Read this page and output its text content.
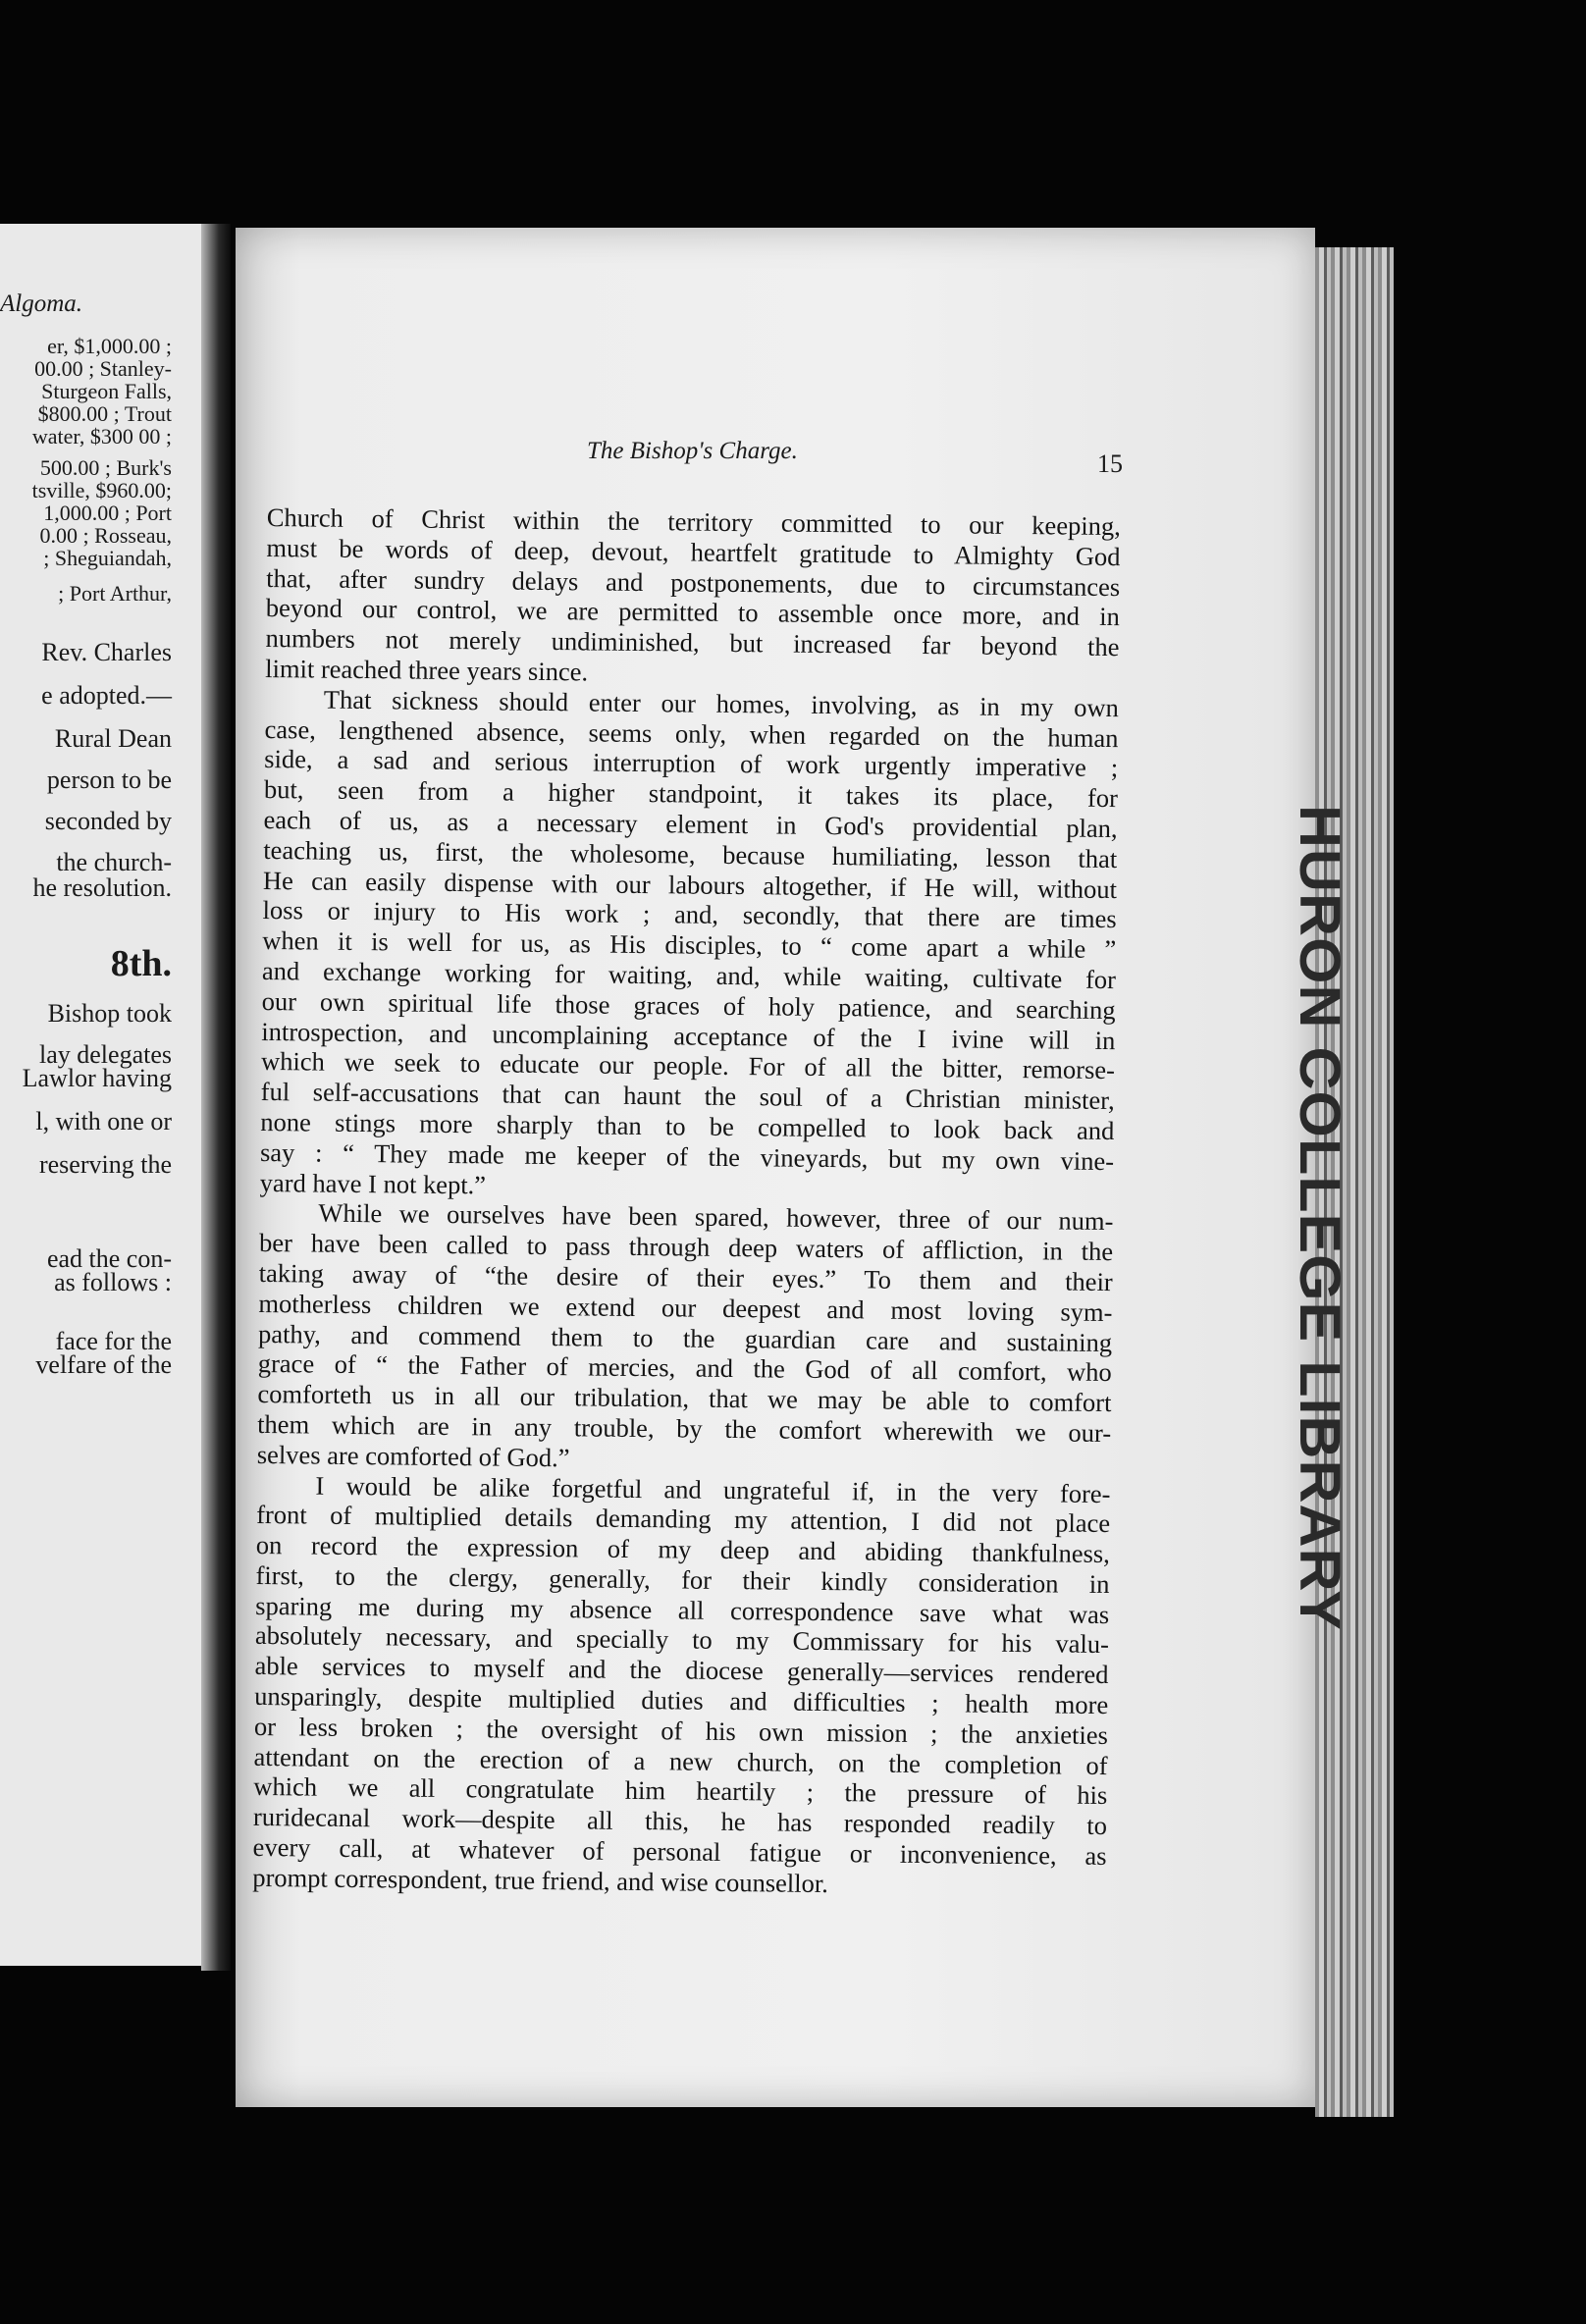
Algoma.
er, $1,000.00 ;
00.00 ; Stanley-
Sturgeon Falls,
$800.00 ; Trout
water, $300 00 ;
500.00 ; Burk's
tsville, $960.00;
1,000.00 ; Port
0.00 ; Rosseau,
; Sheguiandah,
; Port Arthur,
Rev. Charles
e adopted.—
Rural Dean
person to be
seconded by
the church-
he resolution.
8th.
Bishop took
lay delegates
Lawlor having
l, with one or
reserving the
ead the con-
as follows :
face for the
velfare of the
The Bishop's Charge.	15
Church of Christ within the territory committed to our keeping,
must be words of deep, devout, heartfelt gratitude to Almighty God
that, after sundry delays and postponements, due to circumstances
beyond our control, we are permitted to assemble once more, and in
numbers not merely undiminished, but increased far beyond the
limit reached three years since.
That sickness should enter our homes, involving, as in my own
case, lengthened absence, seems only, when regarded on the human
side, a sad and serious interruption of work urgently imperative ;
but, seen from a higher standpoint, it takes its place, for
each of us, as a necessary element in God's providential plan,
teaching us, first, the wholesome, because humiliating, lesson that
He can easily dispense with our labours altogether, if He will, without
loss or injury to His work ; and, secondly, that there are times
when it is well for us, as His disciples, to “ come apart a while ”
and exchange working for waiting, and, while waiting, cultivate for
our own spiritual life those graces of holy patience, and searching
introspection, and uncomplaining acceptance of the I ivine will in
which we seek to educate our people. For of all the bitter, remorse-
ful self-accusations that can haunt the soul of a Christian minister,
none stings more sharply than to be compelled to look back and
say : “ They made me keeper of the vineyards, but my own vine-
yard have I not kept.”
While we ourselves have been spared, however, three of our num-
ber have been called to pass through deep waters of affliction, in the
taking away of “the desire of their eyes.” To them and their
motherless children we extend our deepest and most loving sym-
pathy, and commend them to the guardian care and sustaining
grace of “ the Father of mercies, and the God of all comfort, who
comforteth us in all our tribulation, that we may be able to comfort
them which are in any trouble, by the comfort wherewith we our-
selves are comforted of God.”
I would be alike forgetful and ungrateful if, in the very fore-
front of multiplied details demanding my attention, I did not place
on record the expression of my deep and abiding thankfulness,
first, to the clergy, generally, for their kindly consideration in
sparing me during my absence all correspondence save what was
absolutely necessary, and specially to my Commissary for his valu-
able services to myself and the diocese generally—services rendered
unsparingly, despite multiplied duties and difficulties ; health more
or less broken ; the oversight of his own mission ; the anxieties
attendant on the erection of a new church, on the completion of
which we all congratulate him heartily ; the pressure of his
ruridecanal work—despite all this, he has responded readily to
every call, at whatever of personal fatigue or inconvenience, as
prompt correspondent, true friend, and wise counsellor.
HURON COLLEGE LIBRARY
